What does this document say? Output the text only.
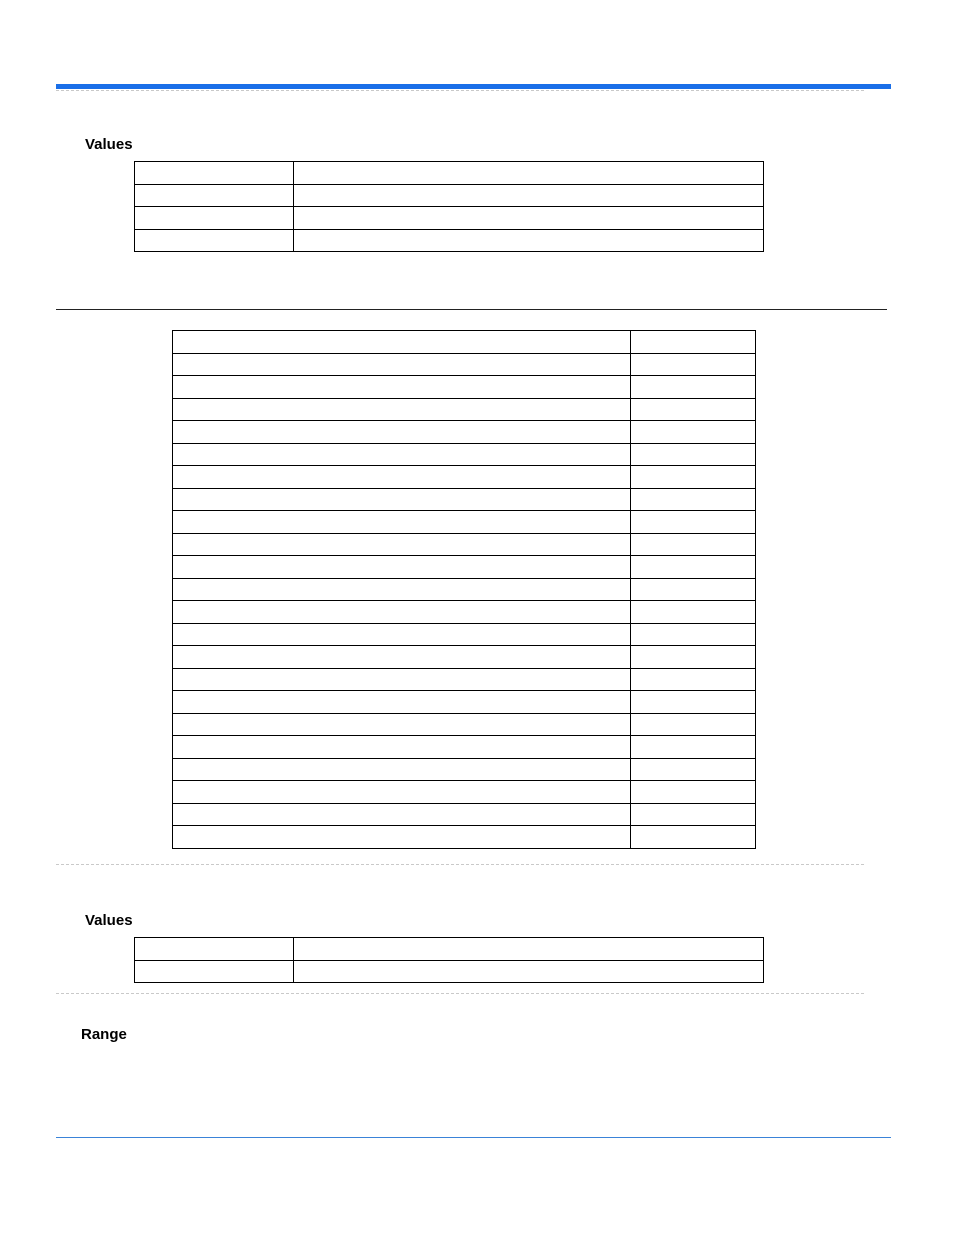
Values

Values

Range
